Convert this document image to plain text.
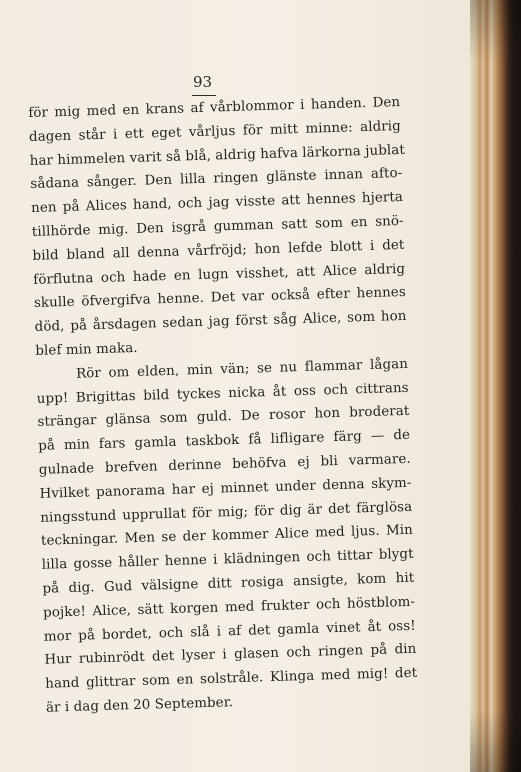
93
för mig med en krans af vårblommor i handen. Den
dagen står i ett eget vårljus för mitt minne: aldrig
har himmelen varit så blå, aldrig hafva lärkorna jublat
sådana sånger. Den lilla ringen glänste innan afto-
nen på Alices hand, och jag visste att hennes hjerta
tillhörde mig. Den isgrå gumman satt som en snö-
bild bland all denna vårfröjd; hon lefde blott i det
förflutna och hade en lugn visshet, att Alice aldrig
skulle öfvergifva henne. Det var också efter hennes
död, på årsdagen sedan jag först såg Alice, som hon
blef min maka.
Rör om elden, min vän; se nu flammar lågan
upp! Brigittas bild tyckes nicka åt oss och cittrans
strängar glänsa som guld. De rosor hon broderat
på min fars gamla taskbok få lifligare färg — de
gulnade brefven derinne behöfva ej bli varmare.
Hvilket panorama har ej minnet under denna skym-
ningsstund upprullat för mig; för dig är det färglösa
teckningar. Men se der kommer Alice med ljus. Min
lilla gosse håller henne i klädningen och tittar blygt
på dig. Gud välsigne ditt rosiga ansigte, kom hit
pojke! Alice, sätt korgen med frukter och höstblom-
mor på bordet, och slå i af det gamla vinet åt oss!
Hur rubinrödt det lyser i glasen och ringen på din
hand glittrar som en solstråle. Klinga med mig! det
är i dag den 20 September.
